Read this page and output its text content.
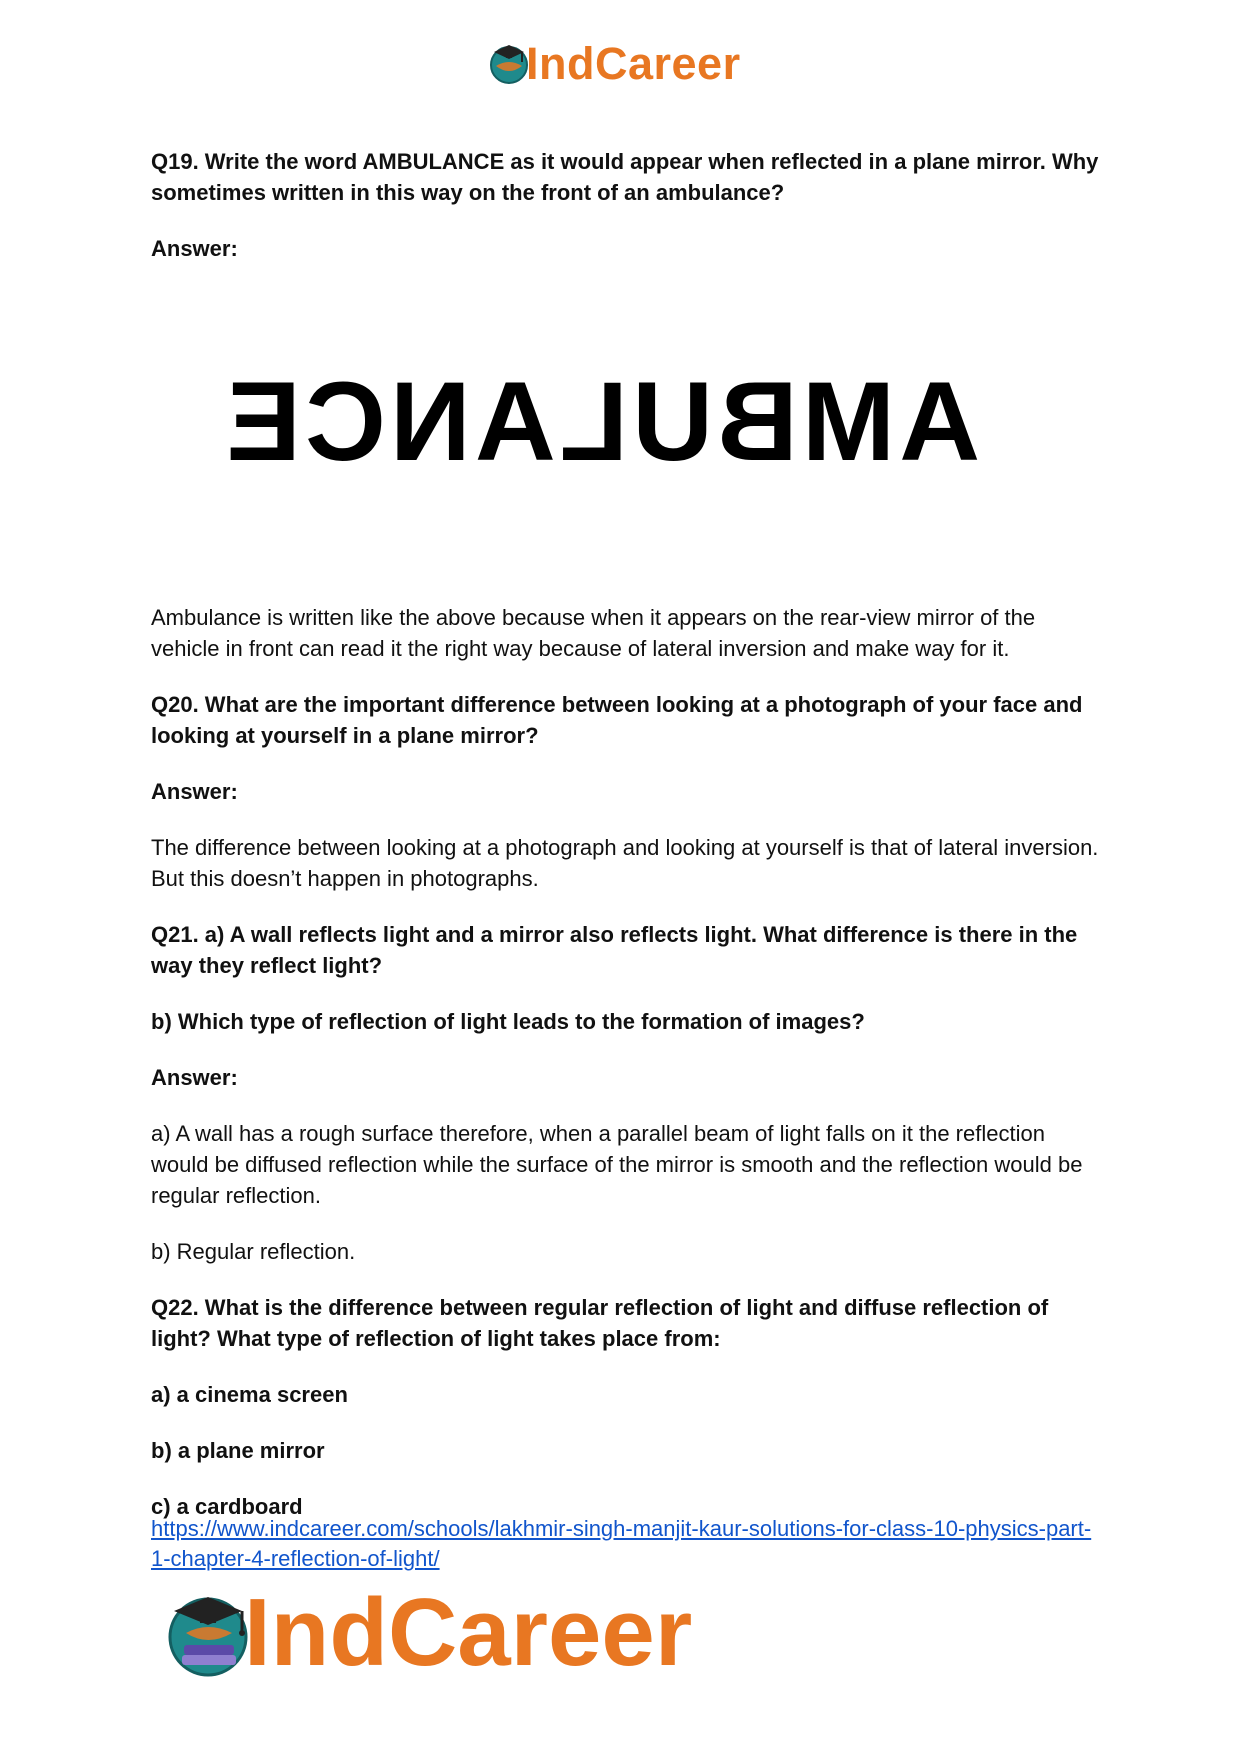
IndCareer
AMBULANCE

Q19. Write the word AMBULANCE as it would appear when reflected in a plane mirror. Why sometimes written in this way on the front of an ambulance?

Answer:

Ambulance is written like the above because when it appears on the rear-view mirror of the vehicle in front can read it the right way because of lateral inversion and make way for it.

Q20. What are the important difference between looking at a photograph of your face and looking at yourself in a plane mirror?

Answer:

The difference between looking at a photograph and looking at yourself is that of lateral inversion. But this doesn’t happen in photographs.

Q21. a) A wall reflects light and a mirror also reflects light. What difference is there in the way they reflect light?

b) Which type of reflection of light leads to the formation of images?

Answer:

a) A wall has a rough surface therefore, when a parallel beam of light falls on it the reflection would be diffused reflection while the surface of the mirror is smooth and the reflection would be regular reflection.

b) Regular reflection.

Q22. What is the difference between regular reflection of light and diffuse reflection of light? What type of reflection of light takes place from:

a) a cinema screen

b) a plane mirror

c) a cardboard

https://www.indcareer.com/schools/lakhmir-singh-manjit-kaur-solutions-for-class-10-physics-part-1-chapter-4-reflection-of-light/
IndCareer
